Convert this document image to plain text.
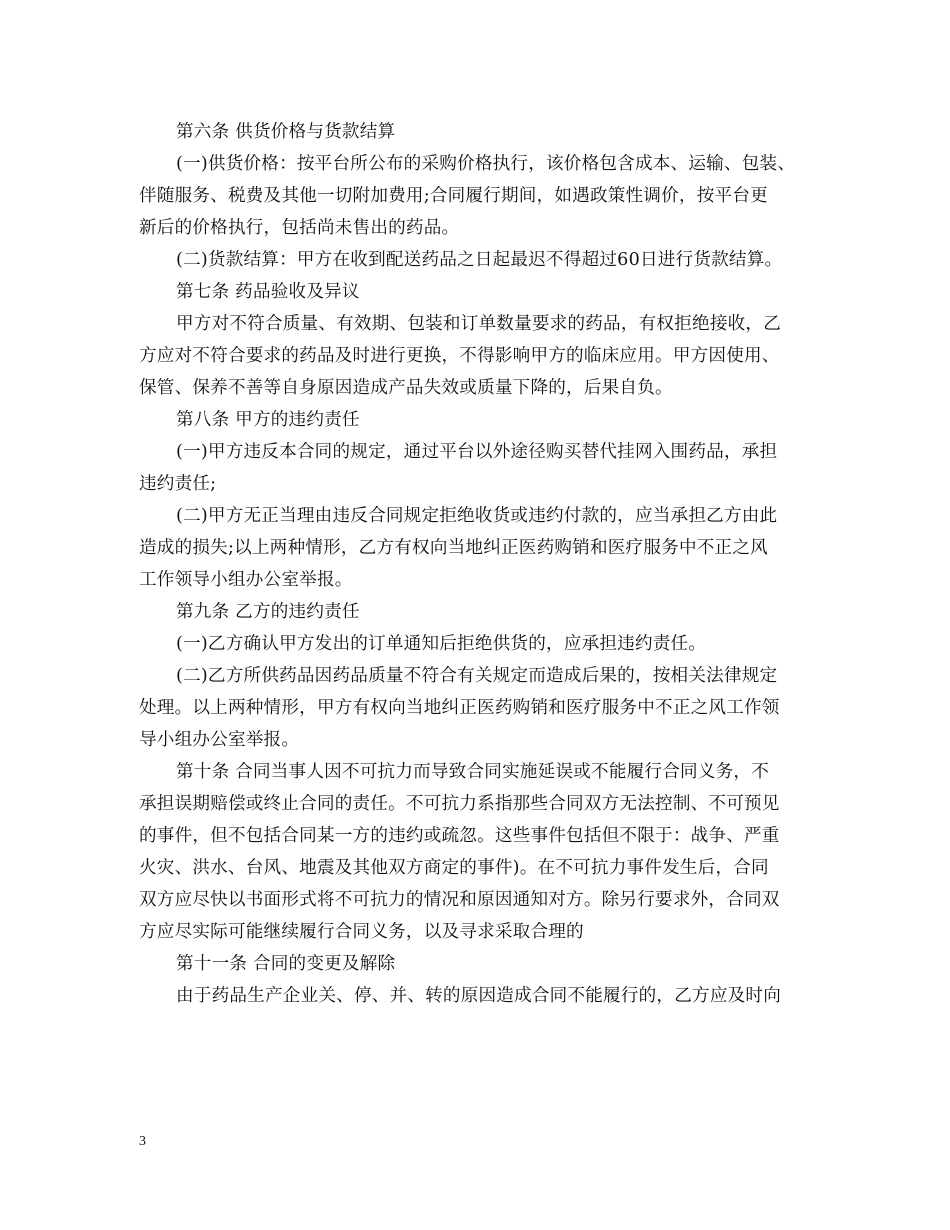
第六条 供货价格与货款结算
(一)供货价格：按平台所公布的采购价格执行，该价格包含成本、运输、包装、
伴随服务、税费及其他一切附加费用;合同履行期间，如遇政策性调价，按平台更
新后的价格执行，包括尚未售出的药品。
(二)货款结算：甲方在收到配送药品之日起最迟不得超过60日进行货款结算。
第七条 药品验收及异议
甲方对不符合质量、有效期、包装和订单数量要求的药品，有权拒绝接收，乙
方应对不符合要求的药品及时进行更换，不得影响甲方的临床应用。甲方因使用、
保管、保养不善等自身原因造成产品失效或质量下降的，后果自负。
第八条 甲方的违约责任
(一)甲方违反本合同的规定，通过平台以外途径购买替代挂网入围药品，承担
违约责任;
(二)甲方无正当理由违反合同规定拒绝收货或违约付款的，应当承担乙方由此
造成的损失;以上两种情形，乙方有权向当地纠正医药购销和医疗服务中不正之风
工作领导小组办公室举报。
第九条 乙方的违约责任
(一)乙方确认甲方发出的订单通知后拒绝供货的，应承担违约责任。
(二)乙方所供药品因药品质量不符合有关规定而造成后果的，按相关法律规定
处理。以上两种情形，甲方有权向当地纠正医药购销和医疗服务中不正之风工作领
导小组办公室举报。
第十条 合同当事人因不可抗力而导致合同实施延误或不能履行合同义务，不
承担误期赔偿或终止合同的责任。不可抗力系指那些合同双方无法控制、不可预见
的事件，但不包括合同某一方的违约或疏忽。这些事件包括但不限于：战争、严重
火灾、洪水、台风、地震及其他双方商定的事件)。在不可抗力事件发生后，合同
双方应尽快以书面形式将不可抗力的情况和原因通知对方。除另行要求外，合同双
方应尽实际可能继续履行合同义务，以及寻求采取合理的
第十一条 合同的变更及解除
由于药品生产企业关、停、并、转的原因造成合同不能履行的，乙方应及时向
3
